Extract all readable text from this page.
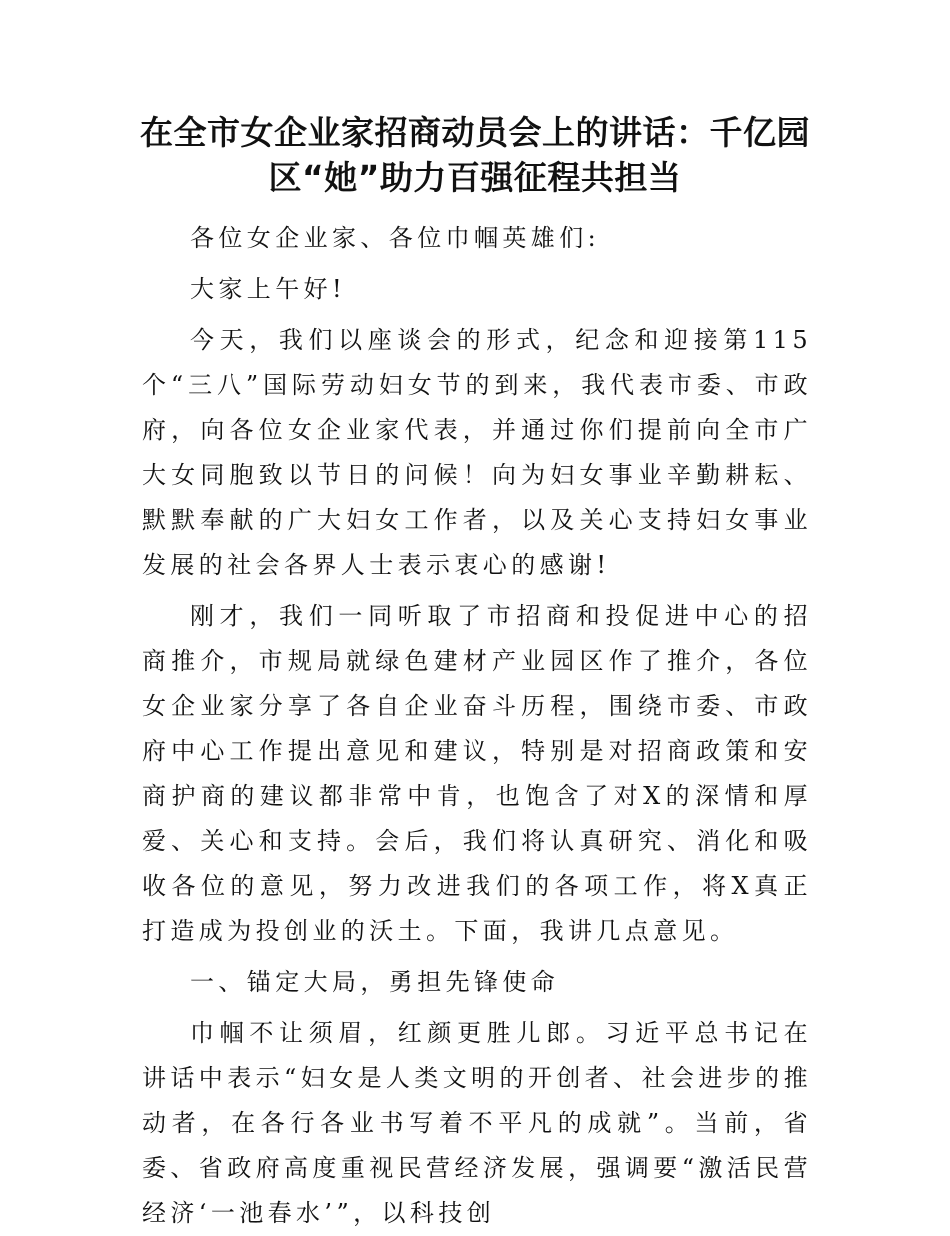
在全市女企业家招商动员会上的讲话：千亿园区“她”助力百强征程共担当

各位女企业家、各位巾帼英雄们:

大家上午好!

今天，我们以座谈会的形式，纪念和迎接第115个“三八”国际劳动妇女节的到来，我代表市委、市政府，向各位女企业家代表，并通过你们提前向全市广大女同胞致以节日的问候！向为妇女事业辛勤耕耘、默默奉献的广大妇女工作者，以及关心支持妇女事业发展的社会各界人士表示衷心的感谢!

刚才，我们一同听取了市招商和投促进中心的招商推介，市规局就绿色建材产业园区作了推介，各位女企业家分享了各自企业奋斗历程，围绕市委、市政府中心工作提出意见和建议，特别是对招商政策和安商护商的建议都非常中肯，也饱含了对X的深情和厚爱、关心和支持。会后，我们将认真研究、消化和吸收各位的意见，努力改进我们的各项工作，将X真正打造成为投创业的沃土。下面，我讲几点意见。

一、锚定大局，勇担先锋使命

巾帼不让须眉，红颜更胜儿郎。习近平总书记在讲话中表示“妇女是人类文明的开创者、社会进步的推动者，在各行各业书写着不平凡的成就”。当前，省委、省政府高度重视民营经济发展，强调要“激活民营经济‘一池春水’”，以科技创
